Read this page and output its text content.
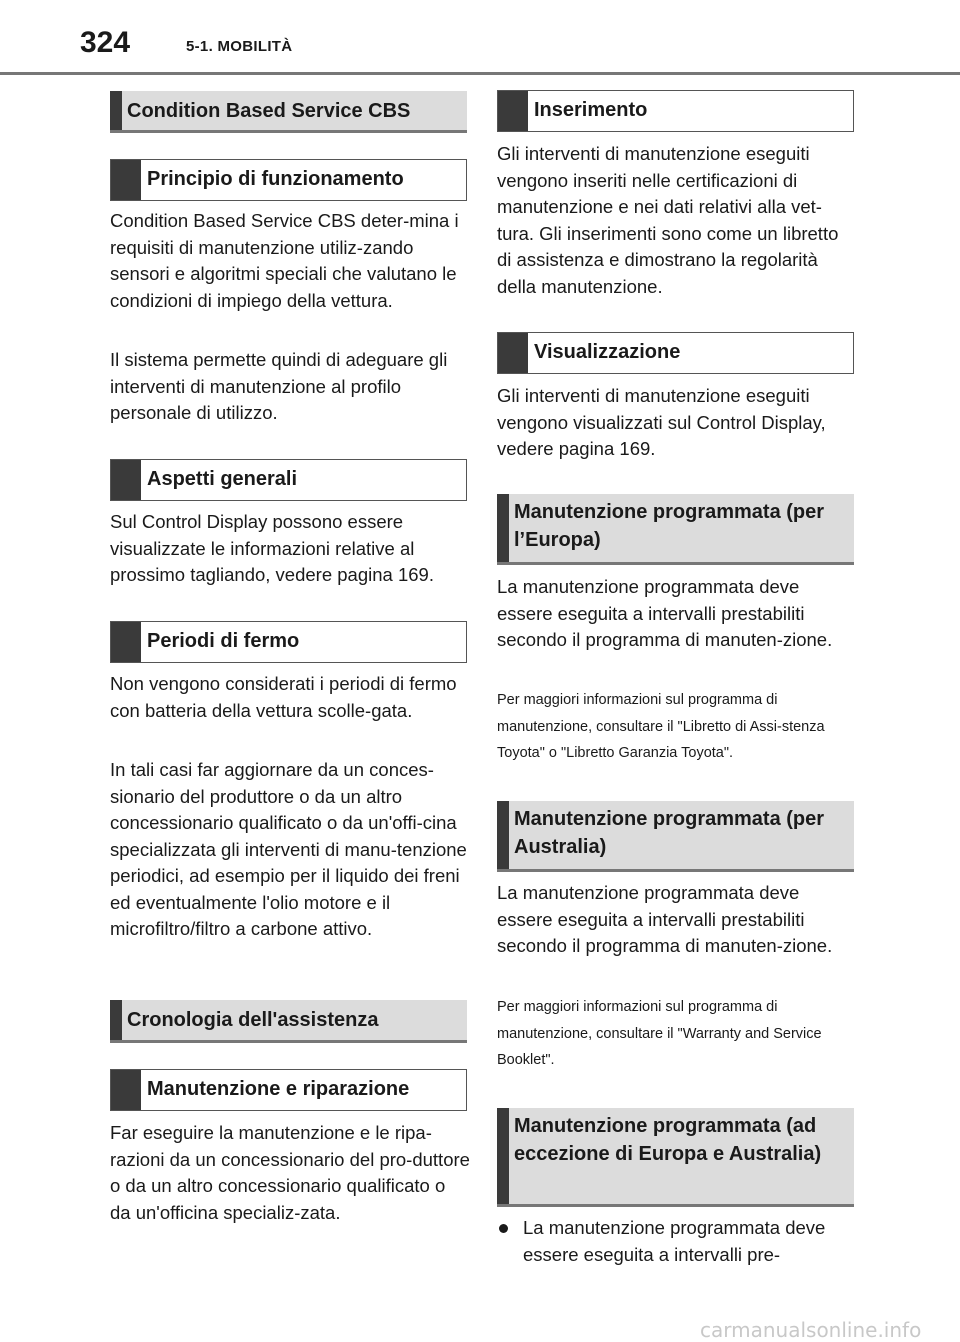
324	5-1. MOBILITÀ
Condition Based Service CBS
Principio di funzionamento

Condition Based Service CBS deter-mina i requisiti di manutenzione utiliz-zando sensori e algoritmi speciali che valutano le condizioni di impiego della vettura.

Il sistema permette quindi di adeguare gli interventi di manutenzione al profilo personale di utilizzo.

Aspetti generali

Sul Control Display possono essere visualizzate le informazioni relative al prossimo tagliando, vedere pagina 169.

Periodi di fermo

Non vengono considerati i periodi di fermo con batteria della vettura scolle-gata.

In tali casi far aggiornare da un conces-sionario del produttore o da un altro concessionario qualificato o da un'offi-cina specializzata gli interventi di manu-tenzione periodici, ad esempio per il liquido dei freni ed eventualmente l'olio motore e il microfiltro/filtro a carbone attivo.

Cronologia dell'assistenza
Manutenzione e riparazione

Far eseguire la manutenzione e le ripa-razioni da un concessionario del pro-duttore o da un altro concessionario qualificato o da un'officina specializ-zata.

Inserimento

Gli interventi di manutenzione eseguiti vengono inseriti nelle certificazioni di manutenzione e nei dati relativi alla vet-tura. Gli inserimenti sono come un libretto di assistenza e dimostrano la regolarità della manutenzione.

Visualizzazione

Gli interventi di manutenzione eseguiti vengono visualizzati sul Control Display, vedere pagina 169.

Manutenzione programmata (per l’Europa)

La manutenzione programmata deve essere eseguita a intervalli prestabiliti secondo il programma di manuten-zione.

Per maggiori informazioni sul programma di manutenzione, consultare il "Libretto di Assi-stenza Toyota" o "Libretto Garanzia Toyota".

Manutenzione programmata (per Australia)

La manutenzione programmata deve essere eseguita a intervalli prestabiliti secondo il programma di manuten-zione.

Per maggiori informazioni sul programma di manutenzione, consultare il "Warranty and Service Booklet".

Manutenzione programmata (ad eccezione di Europa e Australia)

La manutenzione programmata deve essere eseguita a intervalli pre-

carmanualsonline.info
